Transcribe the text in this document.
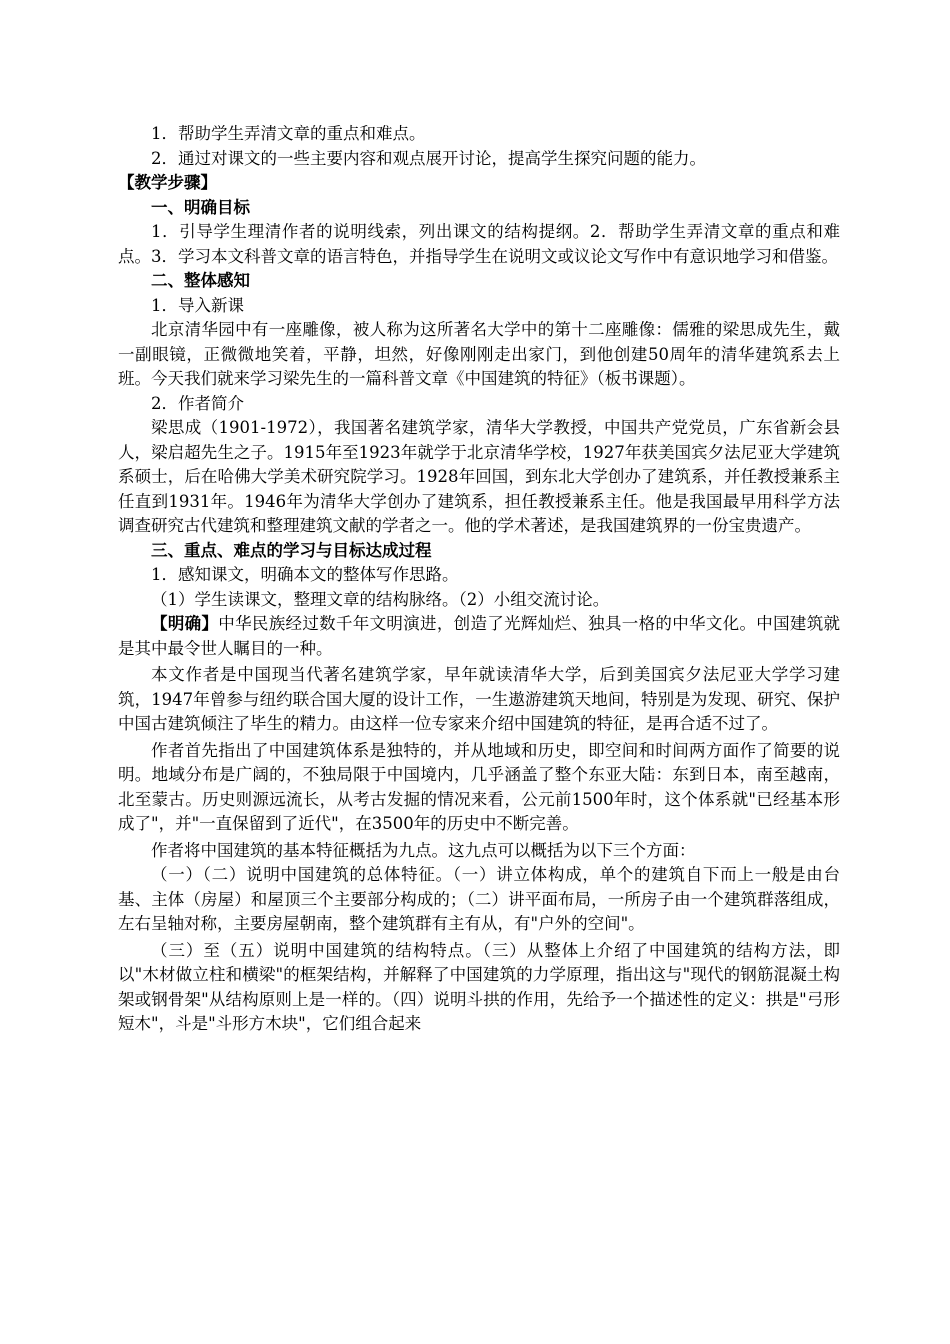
1．帮助学生弄清文章的重点和难点。

2．通过对课文的一些主要内容和观点展开讨论，提高学生探究问题的能力。

【教学步骤】

一、明确目标

1．引导学生理清作者的说明线索，列出课文的结构提纲。2．帮助学生弄清文章的重点和难点。3．学习本文科普文章的语言特色，并指导学生在说明文或议论文写作中有意识地学习和借鉴。

二、整体感知

1．导入新课

北京清华园中有一座雕像，被人称为这所著名大学中的第十二座雕像：儒雅的梁思成先生，戴一副眼镜，正微微地笑着，平静，坦然，好像刚刚走出家门，到他创建50周年的清华建筑系去上班。今天我们就来学习梁先生的一篇科普文章《中国建筑的特征》（板书课题）。

2．作者简介

梁思成（1901-1972），我国著名建筑学家，清华大学教授，中国共产党党员，广东省新会县人，梁启超先生之子。1915年至1923年就学于北京清华学校，1927年获美国宾夕法尼亚大学建筑系硕士，后在哈佛大学美术研究院学习。1928年回国，到东北大学创办了建筑系，并任教授兼系主任直到1931年。1946年为清华大学创办了建筑系，担任教授兼系主任。他是我国最早用科学方法调查研究古代建筑和整理建筑文献的学者之一。他的学术著述，是我国建筑界的一份宝贵遗产。

三、重点、难点的学习与目标达成过程

1．感知课文，明确本文的整体写作思路。

（1）学生读课文，整理文章的结构脉络。（2）小组交流讨论。

【明确】中华民族经过数千年文明演进，创造了光辉灿烂、独具一格的中华文化。中国建筑就是其中最令世人瞩目的一种。

本文作者是中国现当代著名建筑学家，早年就读清华大学，后到美国宾夕法尼亚大学学习建筑，1947年曾参与纽约联合国大厦的设计工作，一生遨游建筑天地间，特别是为发现、研究、保护中国古建筑倾注了毕生的精力。由这样一位专家来介绍中国建筑的特征，是再合适不过了。

作者首先指出了中国建筑体系是独特的，并从地域和历史，即空间和时间两方面作了简要的说明。地域分布是广阔的，不独局限于中国境内，几乎涵盖了整个东亚大陆：东到日本，南至越南，北至蒙古。历史则源远流长，从考古发掘的情况来看，公元前1500年时，这个体系就"已经基本形成了"，并"一直保留到了近代"，在3500年的历史中不断完善。

作者将中国建筑的基本特征概括为九点。这九点可以概括为以下三个方面：

（一）（二）说明中国建筑的总体特征。（一）讲立体构成，单个的建筑自下而上一般是由台基、主体（房屋）和屋顶三个主要部分构成的；（二）讲平面布局，一所房子由一个建筑群落组成，左右呈轴对称，主要房屋朝南，整个建筑群有主有从，有"户外的空间"。

（三）至（五）说明中国建筑的结构特点。（三）从整体上介绍了中国建筑的结构方法，即以"木材做立柱和横梁"的框架结构，并解释了中国建筑的力学原理，指出这与"现代的钢筋混凝土构架或钢骨架"从结构原则上是一样的。（四）说明斗拱的作用，先给予一个描述性的定义：拱是"弓形短木"，斗是"斗形方木块"，它们组合起来
